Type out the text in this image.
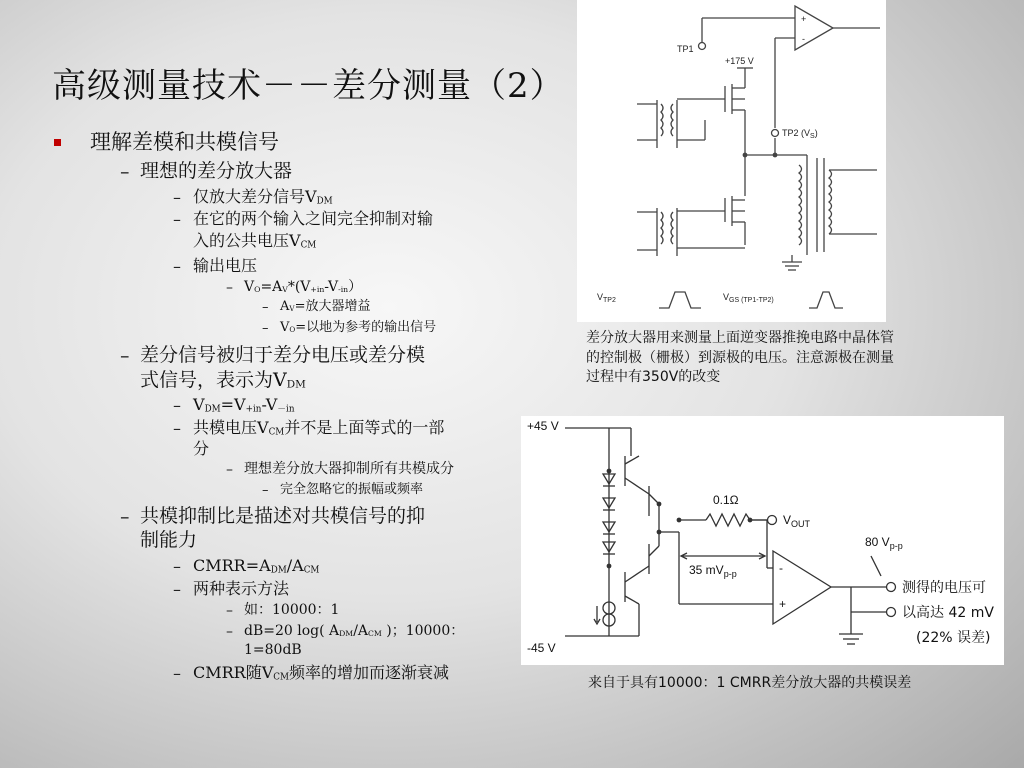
高级测量技术－－差分测量（2）
理解差模和共模信号
– 理想的差分放大器
– 仅放大差分信号$V_{DM}$
– 在它的两个输入之间完全抑制对输
入的公共电压$V_{CM}$
– 输出电压
– $V_O=A_V*(V_{+in}-V_{-in})$
– $A_V=$放大器增益
– $V_O=$以地为参考的输出信号
– 差分信号被归于差分电压或差分模
式信号，表示为$V_{DM}$
– $V_{DM}=V_{+in}-V_{-in}$
– 共模电压$V_{CM}$并不是上面等式的一部
分
– 理想差分放大器抑制所有共模成分
– 完全忽略它的振幅或频率
– 共模抑制比是描述对共模信号的抑
制能力
– $CMRR=A_{DM}/A_{CM}$
– 两种表示方法
– 如：10000：1
– dB=20 log( $A_{DM}/A_{CM}$ )；10000：
1=80dB
– CMRR随$V_{CM}$频率的增加而逐渐衰减
+
-
TP1
+175 V
TP2 $(V_S)$
$V_{TP2}$	$V_{GS (TP1-TP2)}$
差分放大器用来测量上面逆变器推挽电路中晶体管
的控制极（栅极）到源极的电压。注意源极在测量
过程中有350V的改变
+45 V
-45 V
0.1Ω
$V_{OUT}$
80 $V_{p-p}$
35 $mV_{p-p}$	-
+
测得的电压可
以高达 42 mV
(22% 误差)
来自于具有10000：1 CMRR差分放大器的共模误差
